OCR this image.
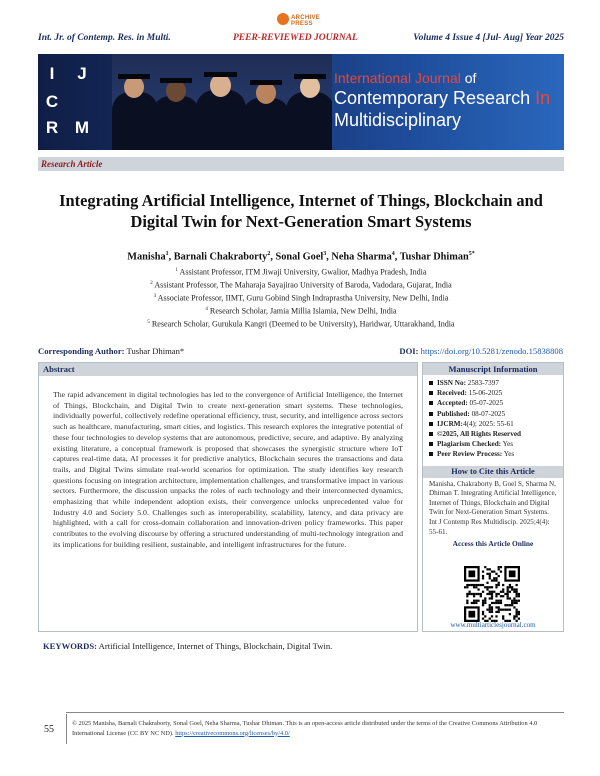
ARCHIVE PRESS
Int. Jr. of Contemp. Res. in Multi.	PEER-REVIEWED JOURNAL	Volume 4 Issue 4 [Jul- Aug] Year 2025
I	J
C
R M
International Journal of
Contemporary Research In
Multidisciplinary
Research Article
Integrating Artificial Intelligence, Internet of Things, Blockchain and Digital Twin for Next-Generation Smart Systems
Manisha$^1$, Barnali Chakraborty$^2$, Sonal Goel$^3$, Neha Sharma$^4$, Tushar Dhiman$^{5*}$
$^1$ Assistant Professor, ITM Jiwaji University, Gwalior, Madhya Pradesh, India
$^2$ Assistant Professor, The Maharaja Sayajirao University of Baroda, Vadodara, Gujarat, India
$^3$ Associate Professor, IIMT, Guru Gobind Singh Indraprastha University, New Delhi, India
$^4$ Research Scholar, Jamia Millia Islamia, New Delhi, India
$^5$ Research Scholar, Gurukula Kangri (Deemed to be University), Haridwar, Uttarakhand, India
Corresponding Author: Tushar Dhiman*	DOI: https://doi.org/10.5281/zenodo.15838808
Abstract
The rapid advancement in digital technologies has led to the convergence of Artificial Intelligence, the Internet of Things, Blockchain, and Digital Twin to create next-generation smart systems. These technologies, individually powerful, collectively redefine operational efficiency, trust, security, and intelligence across sectors such as healthcare, manufacturing, smart cities, and logistics. This research explores the integrative potential of these four technologies to develop systems that are autonomous, predictive, secure, and adaptive. By analyzing existing literature, a conceptual framework is proposed that showcases the synergistic structure where IoT captures real-time data, AI processes it for predictive analytics, Blockchain secures the transactions and data trails, and Digital Twins simulate real-world scenarios for optimization. The study identifies key research questions focusing on integration architecture, implementation challenges, and transformative impact in various sectors. Furthermore, the discussion unpacks the roles of each technology and their interconnected dynamics, emphasizing that while independent adoption exists, their convergence unlocks unprecedented value for Industry 4.0 and Society 5.0. Challenges such as interoperability, scalability, latency, and data privacy are highlighted, with a call for cross-domain collaboration and innovation-driven policy frameworks. This paper contributes to the evolving discourse by offering a structured understanding of multi-technology integration and its implications for building resilient, sustainable, and intelligent infrastructures for the future.
Manuscript Information
ISSN No: 2583-7397
Received: 15-06-2025
Accepted: 05-07-2025
Published: 08-07-2025
IJCRM:4(4); 2025: 55-61
©2025, All Rights Reserved
Plagiarism Checked: Yes
Peer Review Process: Yes
How to Cite this Article
Manisha, Chakraborty B, Goel S, Sharma N, Dhiman T. Integrating Artificial Intelligence, Internet of Things, Blockchain and Digital Twin for Next-Generation Smart Systems. Int J Contemp Res Multidiscip. 2025;4(4): 55-61.
Access this Article Online
www.multiarticlesjournal.com
KEYWORDS: Artificial Intelligence, Internet of Things, Blockchain, Digital Twin.
55
© 2025 Manisha, Barnali Chakraborty, Sonal Goel, Neha Sharma, Tushar Dhiman. This is an open-access article distributed under the terms of the Creative Commons Attribution 4.0 International License (CC BY NC ND). https://creativecommons.org/licenses/by/4.0/
